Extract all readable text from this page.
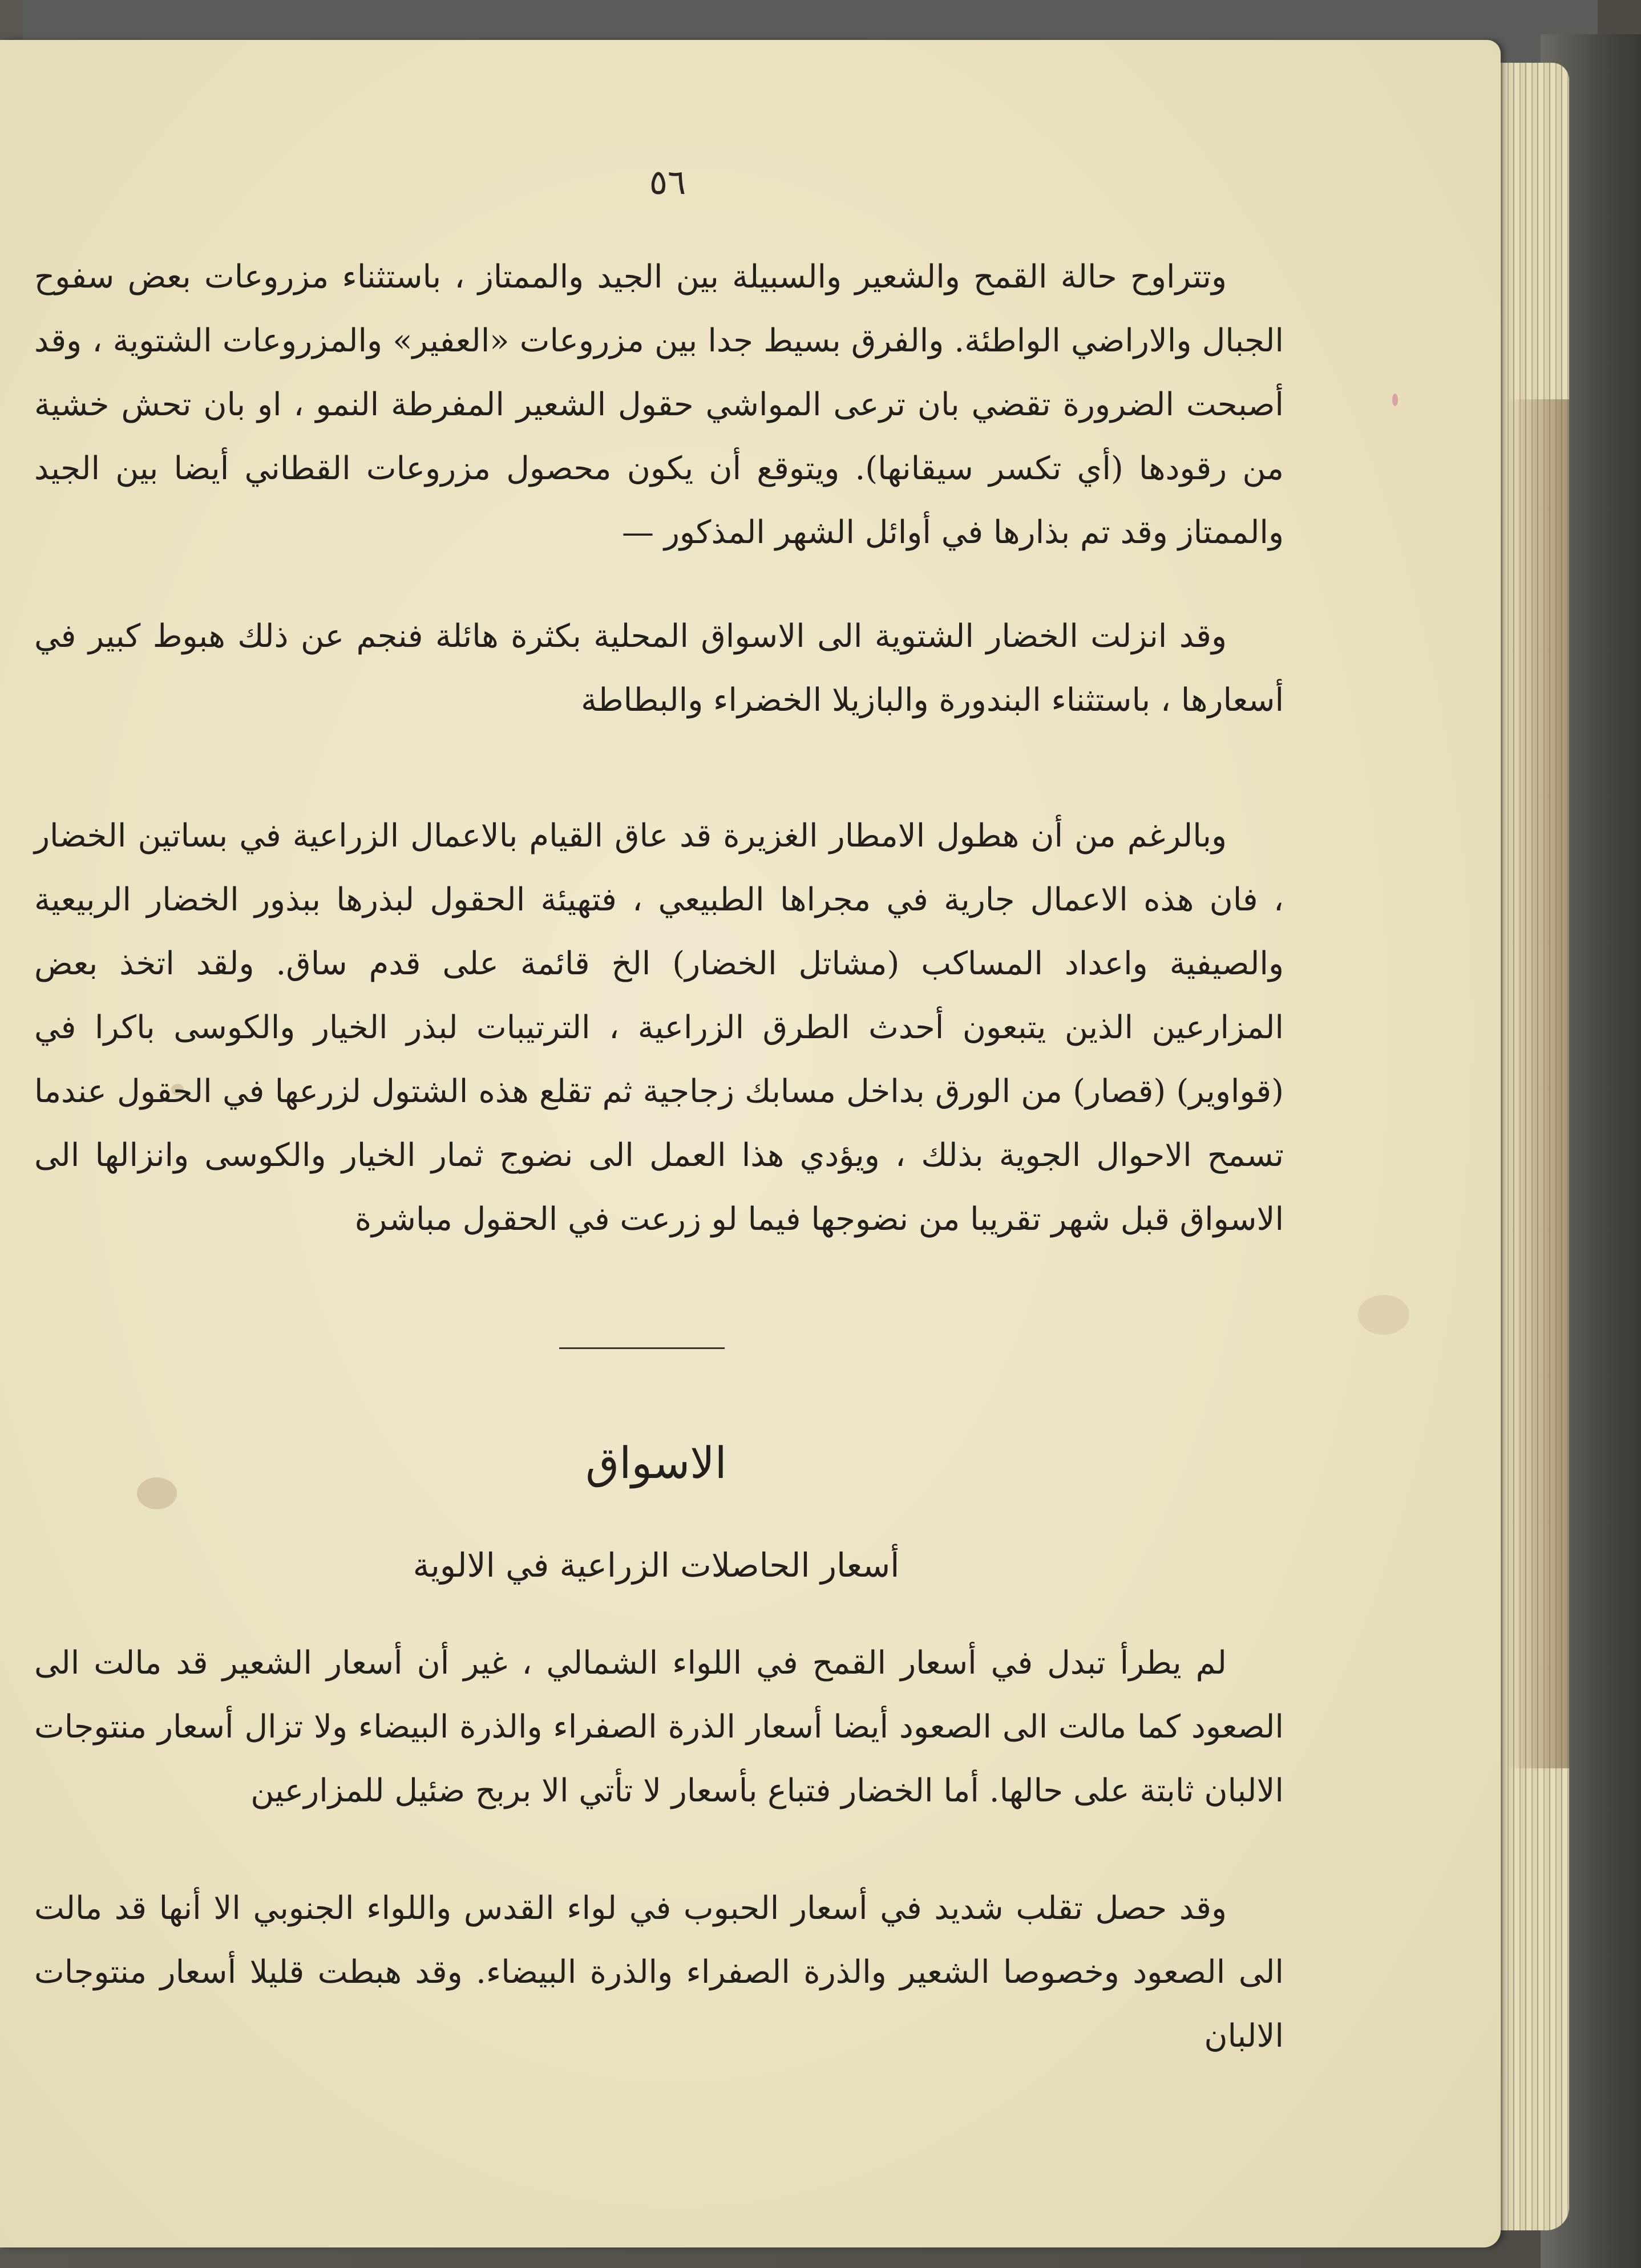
٥٦
وتتراوح حالة القمح والشعير والسبيلة بين الجيد والممتاز ، باستثناء مزروعات بعض سفوح الجبال والاراضي الواطئة. والفرق بسيط جدا بين مزروعات «العفير» والمزروعات الشتوية ، وقد أصبحت الضرورة تقضي بان ترعى المواشي حقول الشعير المفرطة النمو ، او بان تحش خشية من رقودها (أي تكسر سيقانها). ويتوقع أن يكون محصول مزروعات القطاني أيضا بين الجيد والممتاز وقد تم بذارها في أوائل الشهر المذكور —
وقد انزلت الخضار الشتوية الى الاسواق المحلية بكثرة هائلة فنجم عن ذلك هبوط كبير في أسعارها ، باستثناء البندورة والبازيلا الخضراء والبطاطة
وبالرغم من أن هطول الامطار الغزيرة قد عاق القيام بالاعمال الزراعية في بساتين الخضار ، فان هذه الاعمال جارية في مجراها الطبيعي ، فتهيئة الحقول لبذرها ببذور الخضار الربيعية والصيفية واعداد المساكب (مشاتل الخضار) الخ قائمة على قدم ساق. ولقد اتخذ بعض المزارعين الذين يتبعون أحدث الطرق الزراعية ، الترتيبات لبذر الخيار والكوسى باكرا في (قواوير) (قصار) من الورق بداخل مسابك زجاجية ثم تقلع هذه الشتول لزرعها في الحقول عندما تسمح الاحوال الجوية بذلك ، ويؤدي هذا العمل الى نضوج ثمار الخيار والكوسى وانزالها الى الاسواق قبل شهر تقريبا من نضوجها فيما لو زرعت في الحقول مباشرة
الاسواق
أسعار الحاصلات الزراعية في الالوية
لم يطرأ تبدل في أسعار القمح في اللواء الشمالي ، غير أن أسعار الشعير قد مالت الى الصعود كما مالت الى الصعود أيضا أسعار الذرة الصفراء والذرة البيضاء ولا تزال أسعار منتوجات الالبان ثابتة على حالها. أما الخضار فتباع بأسعار لا تأتي الا بربح ضئيل للمزارعين
وقد حصل تقلب شديد في أسعار الحبوب في لواء القدس واللواء الجنوبي الا أنها قد مالت الى الصعود وخصوصا الشعير والذرة الصفراء والذرة البيضاء. وقد هبطت قليلا أسعار منتوجات الالبان
